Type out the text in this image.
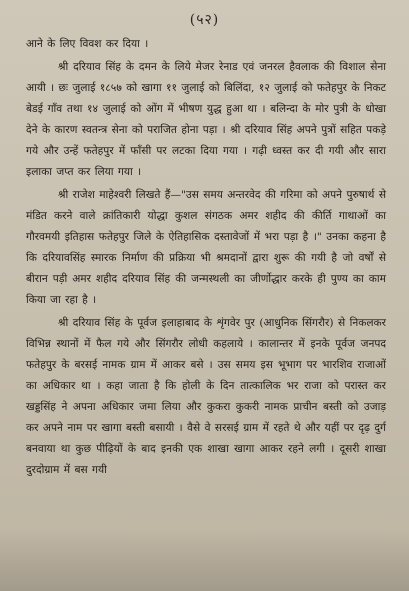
(५२)

आने के लिए विवश कर दिया ।

श्री दरियाव सिंह के दमन के लिये मेजर रेनाड एवं जनरल हैवलाक की विशाल सेना आयी । छः जुलाई १८५७ को खागा ११ जुलाई को बिलिंदा, १२ जुलाई को फतेहपुर के निकट बेडई गाँव तथा १४ जुलाई को ओंग में भीषण युद्ध हुआ था । बलिन्दा के मोर पुत्री के धोखा देने के कारण स्वतन्त्र सेना को पराजित होना पड़ा । श्री दरियाव सिंह अपने पुत्रों सहित पकड़े गये और उन्हें फतेहपुर में फाँसी पर लटका दिया गया । गढ़ी ध्वस्त कर दी गयी और सारा इलाका जप्त कर लिया गया ।

श्री राजेश माहेश्वरी लिखते हैं—"उस समय अन्तरवेद की गरिमा को अपने पुरुषार्थ से मंडित करने वाले क्रांतिकारी योद्धा कुशल संगठक अमर शहीद की कीर्ति गाथाओं का गौरवमयी इतिहास फतेहपुर जिले के ऐतिहासिक दस्तावेजों में भरा पड़ा है ।" उनका कहना है कि दरियावसिंह स्मारक निर्माण की प्रक्रिया भी श्रमदानों द्वारा शुरू की गयी है जो वर्षों से बीरान पड़ी अमर शहीद दरियाव सिंह की जन्मस्थली का जीर्णोद्धार करके ही पुण्य का काम किया जा रहा है ।

श्री दरियाव सिंह के पूर्वज इलाहाबाद के शृंगवेर पुर (आधुनिक सिंगरौर) से निकलकर विभिन्न स्थानों में फैल गये और सिंगरौर लोधी कहलाये । कालान्तर में इनके पूर्वज जनपद फतेहपुर के बरसई नामक ग्राम में आकर बसे । उस समय इस भूभाग पर भारशिव राजाओं का अधिकार था । कहा जाता है कि होली के दिन तात्कालिक भर राजा को परास्त कर खड्डसिंह ने अपना अधिकार जमा लिया और कुकरा कुकरी नामक प्राचीन बस्ती को उजाड़ कर अपने नाम पर खागा बस्ती बसायी । वैसे वे सरसई ग्राम में रहते थे और यहीं पर दृढ़ दुर्ग बनवाया था कुछ पीढ़ियों के बाद इनकी एक शाखा खागा आकर रहने लगी । दूसरी शाखा दुरदोग्राम में बस गयी
